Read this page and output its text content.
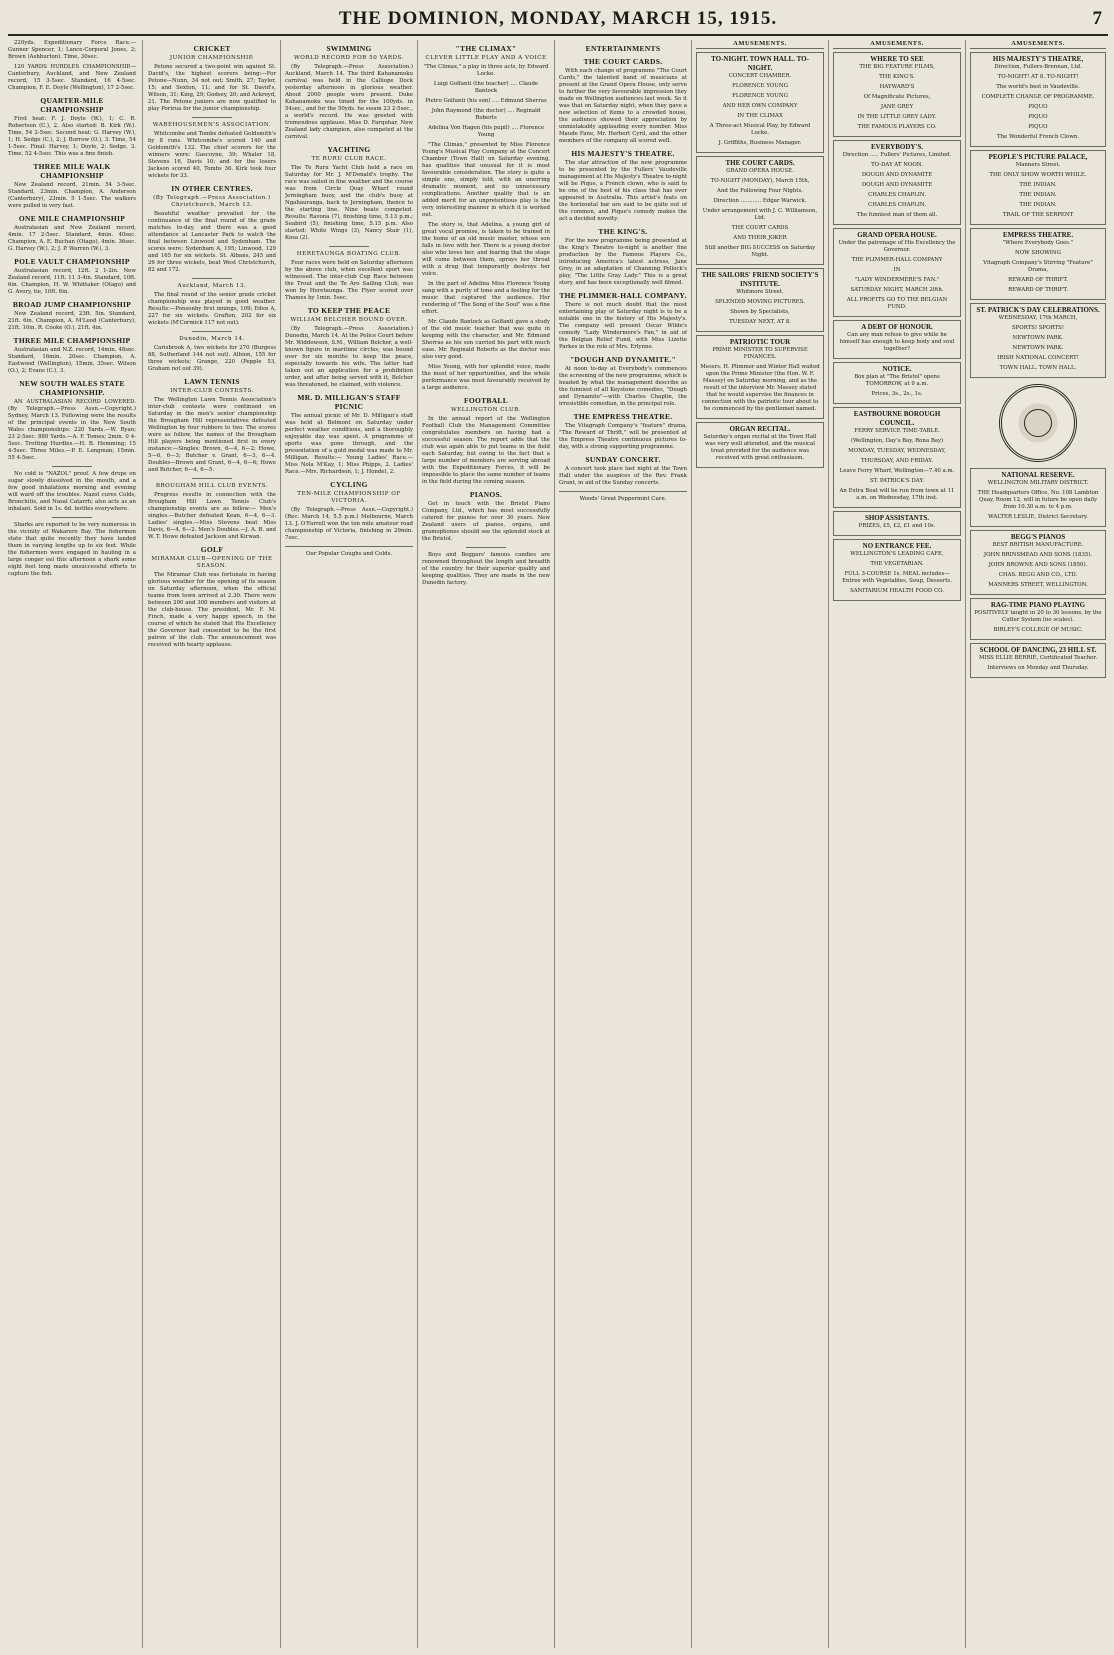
THE DOMINION, MONDAY, MARCH 15, 1915.	7

220yds. Expeditionary Force Race.— Gunner Spencer, 1; Lance-Corporal Jones, 2; Brown (Ashburton). Time, 30sec.

120 YARDS HURDLES CHAMPIONSHIP.—Canterbury, Auckland, and New Zealand record, 15 3-5sec. Standard, 16 4-5sec. Champion, F. E. Doyle (Wellington), 17 2-5sec.

QUARTER-MILE CHAMPIONSHIP

First heat: F. J. Doyle (W.), 1; C. R. Robertson (C.), 2. Also started: B. Kirk (W.). Time, 54 2-5sec. Second heat: G. Harvey (W.), 1; H. Sedge (C.), 2; J. Burrow (O.), 3. Time, 54 1-5sec. Final: Harvey, 1; Doyle, 2; Sedge, 3. Time, 52 4-5sec. This was a fine finish.

THREE MILE WALK CHAMPIONSHIP

New Zealand record, 21min. 54 3-5sec. Standard, 23min. Champion, A. Anderson (Canterbury), 23min. 5 1-5sec. The walkers were pulled in very fast.

ONE MILE CHAMPIONSHIP

Australasian and New Zealand record, 4min. 17 2-5sec. Standard, 4min. 40sec. Champion, A. E. Buchan (Otago), 4min. 36sec. G. Harvey (W.), 2; J. P. Warren (W.), 3.

POLE VAULT CHAMPIONSHIP

Australasian record, 12ft. 2 1-2in. New Zealand record, 11ft. 11 3-4in. Standard, 10ft. 6in. Champion, H. W. Whittaker (Otago) and G. Avory, tie, 10ft. 6in.

BROAD JUMP CHAMPIONSHIP

New Zealand record, 23ft. 5in. Standard, 21ft. 6in. Champion, A. M'Leod (Canterbury), 21ft. 10in. R. Cooke (O.), 21ft. 4in.

THREE MILE CHAMPIONSHIP

Australasian and N.Z. record, 14min. 48sec. Standard, 16min. 20sec. Champion, A. Eastwood (Wellington), 15min. 35sec. Wilson (O.), 2; Evans (C.), 3.

NEW SOUTH WALES STATE CHAMPIONSHIP.

AN AUSTRALASIAN RECORD LOWERED. (By Telegraph.—Press Assn.—Copyright.) Sydney, March 13. Following were the results of the principal events in the New South Wales championships: 220 Yards.—W. Ryan; 23 2-5sec. 880 Yards.—A. F. Tomes; 2min. 0 4-5sec. Trotting Hurdles.—H. B. Hemming; 15 4-5sec. Three Miles.—P. E. Longman; 15min. 55 4-5sec.

No cold is "NAZOL" proof. A few drops on sugar slowly dissolved in the mouth, and a few good inhalations morning and evening will ward off the troubles. Nazol cures Colds, Bronchitis, and Nasal Catarrh; also acts as an inhalant. Sold in 1s. 6d. bottles everywhere.

Sharks are reported to be very numerous in the vicinity of Wakarere Bay. The fishermen state that quite recently they have landed them in varying lengths up to six feet. While the fishermen were engaged in hauling in a large conger eel this afternoon a shark some eight feet long made unsuccessful efforts to capture the fish.

CRICKET
JUNIOR CHAMPIONSHIP.

Petone secured a two-point win against St. David's, the highest scorers being:—For Petone—Nunn, 34 not out; Smith, 27; Taylor, 15; and Sexton, 11; and for St. David's, Wilson, 31; King, 29; Godsey, 20; and Ackroyd, 21. The Petone juniors are now qualified to play Porirua for the junior championship.

WAREHOUSEMEN'S ASSOCIATION.

Whitcombe and Tombs defeated Goldsmith's by 8 runs. Whitcombe's scored 140 and Goldsmith's 132. The chief scorers for the winners were: Gascoyne, 39; Whaler 18, Stevens 16, Davis 10; and for the losers Jackson scored 40, Tombs 36. Kirk took four wickets for 33.

IN OTHER CENTRES.
(By Telegraph.—Press Association.) Christchurch, March 13.

Beautiful weather prevailed for the continuance of the final round of the grade matches to-day, and there was a good attendance at Lancaster Park to watch the final between Linwood and Sydenham. The scores were: Sydenham A, 195; Linwood, 129 and 165 for six wickets. St. Albans, 245 and 26 for three wickets, beat West Christchurch, 82 and 172.

Auckland, March 13.

The final round of the senior grade cricket championship was played in good weather. Results:—Ponsonby first innings, 109; Eden A, 227 for six wickets. Grafton, 202 for six wickets (M'Cormick 117 not out).

Dunedin, March 14.

Carisbrook A, two wickets for 270 (Burgess 88, Sutherland 144 not out). Albion, 155 for three wickets; Grange, 220 (Pepple 53, Graham not out 39).

LAWN TENNIS
INTER-CLUB CONTESTS.

The Wellington Lawn Tennis Association's inter-club contests were continued on Saturday in the men's senior championship the Brougham Hill representatives defeated Wellington by four rubbers to two. The scores were as follow, the names of the Brougham Hill players being mentioned first in every instance:—Singles: Brown, 6—4, 6—2; Howe, 5—6, 6—3; Butcher v. Grant, 6—3, 6—4. Doubles—Brown and Grant, 6—4, 6—6; Howe and Butcher, 6—4, 6—5.

BROUGHAM HILL CLUB EVENTS.

Progress results in connection with the Brougham Hill Lawn Tennis Club's championship events are as follow:— Men's singles.—Butcher defeated Kean, 6—4, 6—3. Ladies' singles.—Miss Stevens beat Miss Davis, 6—4, 6—2. Men's Doubles.—J. A. B. and W. T. Howe defeated Jackson and Kirwan.

GOLF
MIRAMAR CLUB—OPENING OF THE SEASON.

The Miramar Club was fortunate in having glorious weather for the opening of its season on Saturday afternoon, when the official teams from town arrived at 2.30. There were between 200 and 300 members and visitors at the club-house. The president, Mr. F. M. Finch, made a very happy speech, in the course of which he stated that His Excellency the Governor had consented to be the first patron of the club. The announcement was received with hearty applause.

SWIMMING
WORLD RECORD FOR 50 YARDS.

(By Telegraph.—Press Association.) Auckland, March 14. The third Kahanamoku carnival was held in the Calliope Dock yesterday afternoon in glorious weather. About 2000 people were present. Duke Kahanamoku was timed for the 100yds. in 54sec., and for the 50yds. he swam 23 2-5sec., a world's record. He was greeted with tremendous applause. Miss D. Farquhar, New Zealand lady champion, also competed at the carnival.

YACHTING
TE RURU CLUB RACE.

The Te Ruru Yacht Club held a race on Saturday for Mr. J. M'Donald's trophy. The race was sailed in fine weather and the course was from Circle Quay Wharf round Jerningham buoy, and the club's buoy at Ngahauranga, back to Jerningham, thence to the starting line. Nine boats competed. Results: Ravona (7), finishing time, 5.13 p.m.; Seabird (5), finishing time, 5.15 p.m. Also started: White Wings (3), Nancy Stair (1), Kosa (2).

HERETAUNGA BOATING CLUB.

Four races were held on Saturday afternoon by the above club, when excellent sport was witnessed. The inter-club Cup Race between the Trout and the Te Aro Sailing Club, was won by Heretaunga. The Flyer scored over Thames by 1min. 5sec.

TO KEEP THE PEACE
WILLIAM BELCHER BOUND OVER.

(By Telegraph.—Press Association.) Dunedin, March 14. At the Police Court before Mr. Widdowson, S.M., William Belcher, a well-known figure in maritime circles, was bound over for six months to keep the peace, especially towards his wife. The latter had taken out an application for a prohibition order, and after being served with it, Belcher was threatened, he claimed, with violence.

MR. D. MILLIGAN'S STAFF PICNIC

The annual picnic of Mr. D. Milligan's staff was held at Belmont on Saturday under perfect weather conditions, and a thoroughly enjoyable day was spent. A programme of sports was gone through, and the presentation of a gold medal was made to Mr. Milligan. Results:— Young Ladies' Race.—Miss Nola M'Kay, 1; Miss Phipps, 2. Ladies' Race.—Mrs. Richardson, 1; J. Hondel, 2.

CYCLING
TEN-MILE CHAMPIONSHIP OF VICTORIA.

(By Telegraph.—Press Assn.—Copyright.) (Rec. March 14, 5.5 p.m.) Melbourne, March 13. J. O'Farrell won the ten mile amateur road championship of Victoria, finishing in 29min. 7sec.

Our Popular Coughs and Colds.

"THE CLIMAX"
CLEVER LITTLE PLAY AND A VOICE

"The Climax," a play in three acts, by Edward Locke.

Luigi Golfanti (the teacher) .... Claude Bantock

Pietro Golfanti (his son) .... Edmund Sherras

John Raymond (the doctor) .... Reginald Roberts

Adelina Von Hagen (his pupil) .... Florence Young

"The Climax," presented by Miss Florence Young's Musical Play Company at the Concert Chamber (Town Hall) on Saturday evening, has qualities that unusual for it is most favourable consideration. The story is quite a simple one, simply told, with an unerring dramatic moment, and no unnecessary complications. Another quality that is an added merit for an unpretentious play is the very interesting manner in which it is worked out.

The story is, that Adelina, a young girl of great vocal promise, is taken to be trained in the home of an old music master, whose son falls in love with her. There is a young doctor also who loves her, and fearing that the stage will come between them, sprays her throat with a drug that temporarily destroys her voice.

In the part of Adelina Miss Florence Young sang with a purity of tone and a feeling for the music that captured the audience. Her rendering of "The Song of the Soul" was a fine effort.

Mr. Claude Bantock as Golfanti gave a study of the old music teacher that was quite in keeping with the character, and Mr. Edmund Sherras as his son carried his part with much ease. Mr. Reginald Roberts as the doctor was also very good.

Miss Young, with her splendid voice, made the most of her opportunities, and the whole performance was most favourably received by a large audience.

FOOTBALL
WELLINGTON CLUB.

In the annual report of the Wellington Football Club the Management Committee congratulates members on having had a successful season. The report adds that the club was again able to put teams in the field each Saturday, but owing to the fact that a large number of members are serving abroad with the Expeditionary Forces, it will be impossible to place the same number of teams in the field during the coming season.

PIANOS.

Get in touch with the Bristol Piano Company, Ltd., which has most successfully catered for pianos for over 30 years. New Zealand users of pianos, organs, and gramophones should see the splendid stock at the Bristol.

Boys and Beggars' famous candies are renowned throughout the length and breadth of the country for their superior quality and keeping qualities. They are made in the new Dunedin factory.

ENTERTAINMENTS
THE COURT CARDS.

With each change of programme "The Court Cards," the talented band of musicians at present at the Grand Opera House, only serve to further the very favourable impression they made on Wellington audiences last week. So it was that on Saturday night, when they gave a new selection of items to a crowded house, the audience showed their appreciation by unmistakably applauding every number. Miss Maude Fane, Mr. Herbert Cyril, and the other members of the company all scored well.

HIS MAJESTY'S THEATRE.

The star attraction of the new programme to be presented by the Fullers' Vaudeville management at His Majesty's Theatre to-night will be Pique, a French clown, who is said to be one of the best of his class that has ever appeared in Australia. This artist's feats on the horizontal bar are said to be quite out of the common, and Pique's comedy makes the act a decided novelty.

THE KING'S.

For the new programme being presented at the King's Theatre to-night is another fine production by the Famous Players Co., introducing America's latest actress, Jane Grey, in an adaptation of Channing Pollock's play, "The Little Gray Lady." This is a great story, and has been exceptionally well filmed.

THE PLIMMER-HALL COMPANY.

There is not much doubt that the most entertaining play of Saturday night is to be a notable one in the history of His Majesty's. The company will present Oscar Wilde's comedy "Lady Windermere's Fan," in aid of the Belgian Relief Fund, with Miss Lizette Parkes in the role of Mrs. Erlynne.

"DOUGH AND DYNAMITE."

At noon to-day at Everybody's commences the screening of the new programme, which is headed by what the management describe as the funniest of all Keystone comedies, "Dough and Dynamite"—with Charles Chaplin, the irresistible comedian, in the principal role.

THE EMPRESS THEATRE.

The Vitagraph Company's "feature" drama, "The Reward of Thrift," will be presented at the Empress Theatre continuous pictures to-day, with a strong supporting programme.

SUNDAY CONCERT.

A concert took place last night at the Town Hall under the auspices of the Rev. Frank Grant, in aid of the Sunday concerts.

Woods' Great Peppermint Cure.

AMUSEMENTS.
TO-NIGHT. TOWN HALL. TO-NIGHT.

CONCERT CHAMBER.

FLORENCE YOUNG

FLORENCE YOUNG

AND HER OWN COMPANY

IN THE CLIMAX

A Three-act Musical Play, by Edward Locke.

J. Griffiths, Business Manager.

THE COURT CARDS.

GRAND OPERA HOUSE.

TO-NIGHT (MONDAY), March 15th,

And the Following Four Nights.

Direction ............ Edgar Warwick.

Under arrangement with J. C. Williamson, Ltd.

THE COURT CARDS

AND THEIR JOKER

Still another BIG SUCCESS on Saturday Night.

THE SAILORS' FRIEND SOCIETY'S INSTITUTE.

Whitmore Street.

SPLENDID MOVING PICTURES.

Shown by Specialists,

TUESDAY NEXT, AT 8.

PATRIOTIC TOUR

PRIME MINISTER TO SUPERVISE FINANCES.

Messrs. H. Plimmer and Winter Hall waited upon the Prime Minister (the Hon. W. F. Massey) on Saturday morning, and as the result of the interview Mr. Massey stated that he would supervise the finances in connection with the patriotic tour about to be commenced by the gentlemen named.

ORGAN RECITAL.

Saturday's organ recital at the Town Hall was very well attended, and the musical treat provided for the audience was received with great enthusiasm.

AMUSEMENTS.
WHERE TO SEE

THE BIG FEATURE FILMS,

THE KING'S.

HAYWARD'S

Of Magnificate Pictures,

JANE GREY

IN THE LITTLE GREY LADY.

THE FAMOUS PLAYERS CO.

EVERYBODY'S.

Direction ..... Fullers' Pictures, Limited.

TO-DAY AT NOON.

DOUGH AND DYNAMITE

DOUGH AND DYNAMITE

CHARLES CHAPLIN.

CHARLES CHAPLIN.

The funniest man of them all.

GRAND OPERA HOUSE.

Under the patronage of His Excellency the Governor.

THE PLIMMER-HALL COMPANY

IN

"LADY WINDERMERE'S FAN."

SATURDAY NIGHT, MARCH 20th.

ALL PROFITS GO TO THE BELGIAN FUND.

A DEBT OF HONOUR.

Can any man refuse to give while he himself has enough to keep body and soul together?

NOTICE.

Box plan at "The Bristol" opens TOMORROW, at 9 a.m.

Prices, 3s., 2s., 1s.

EASTBOURNE BOROUGH COUNCIL.

FERRY SERVICE TIME-TABLE.

(Wellington, Day's Bay, Rona Bay)

MONDAY, TUESDAY, WEDNESDAY,

THURSDAY, AND FRIDAY.

Leave Ferry Wharf, Wellington—7.40 a.m.

ST. PATRICK'S DAY.

An Extra Boat will be run from town at 11 a.m. on Wednesday, 17th inst.

SHOP ASSISTANTS.

PRIZES, £5, £2, £1 and 10s.

NO ENTRANCE FEE.

WELLINGTON'S LEADING CAFE,

THE VEGETARIAN.

FULL 3-COURSE 1s. MEAL includes— Entree with Vegetables, Soup, Desserts.

SANITARIUM HEALTH FOOD CO.

AMUSEMENTS.
HIS MAJESTY'S THEATRE,

Direction, Fullers-Brennan, Ltd.

TO-NIGHT! AT 8. TO-NIGHT!

The world's best in Vaudeville.

COMPLETE CHANGE OF PROGRAMME.

PIQUO

PIQUO

PIQUO

The Wonderful French Clown.

PEOPLE'S PICTURE PALACE,

Manners Street.

THE ONLY SHOW WORTH WHILE.

THE INDIAN.

THE INDIAN.

THE INDIAN.

TRAIL OF THE SERPENT

EMPRESS THEATRE.

"Where Everybody Goes."

NOW SHOWING

Vitagraph Company's Stirring "Feature" Drama,

REWARD OF THRIFT.

REWARD OF THRIFT.

ST. PATRICK'S DAY CELEBRATIONS.

WEDNESDAY, 17th MARCH,

SPORTS! SPORTS!

NEWTOWN PARK.

NEWTOWN PARK.

IRISH NATIONAL CONCERT!

TOWN HALL. TOWN HALL.

NATIONAL RESERVE.

WELLINGTON MILITARY DISTRICT.

THE Headquarters Office, No. 108 Lambton Quay, Room 12, will in future be open daily from 10.30 a.m. to 4 p.m.

WALTER LESLIE, District Secretary.

BEGG'S PIANOS

BEST BRITISH MANUFACTURE.

JOHN BRINSMEAD AND SONS (1835).

JOHN BROWNE AND SONS (1850).

CHAS. BEGG AND CO., LTD.

MANNERS STREET, WELLINGTON.

RAG-TIME PIANO PLAYING

POSITIVELY taught in 20 to 30 lessons, by the Cutler System (no scales).

BIRLEY'S COLLEGE OF MUSIC.

SCHOOL OF DANCING, 23 HILL ST.

MISS ELLIE BERRIE, Certificated Teacher.

Interviews on Monday and Thursday.
